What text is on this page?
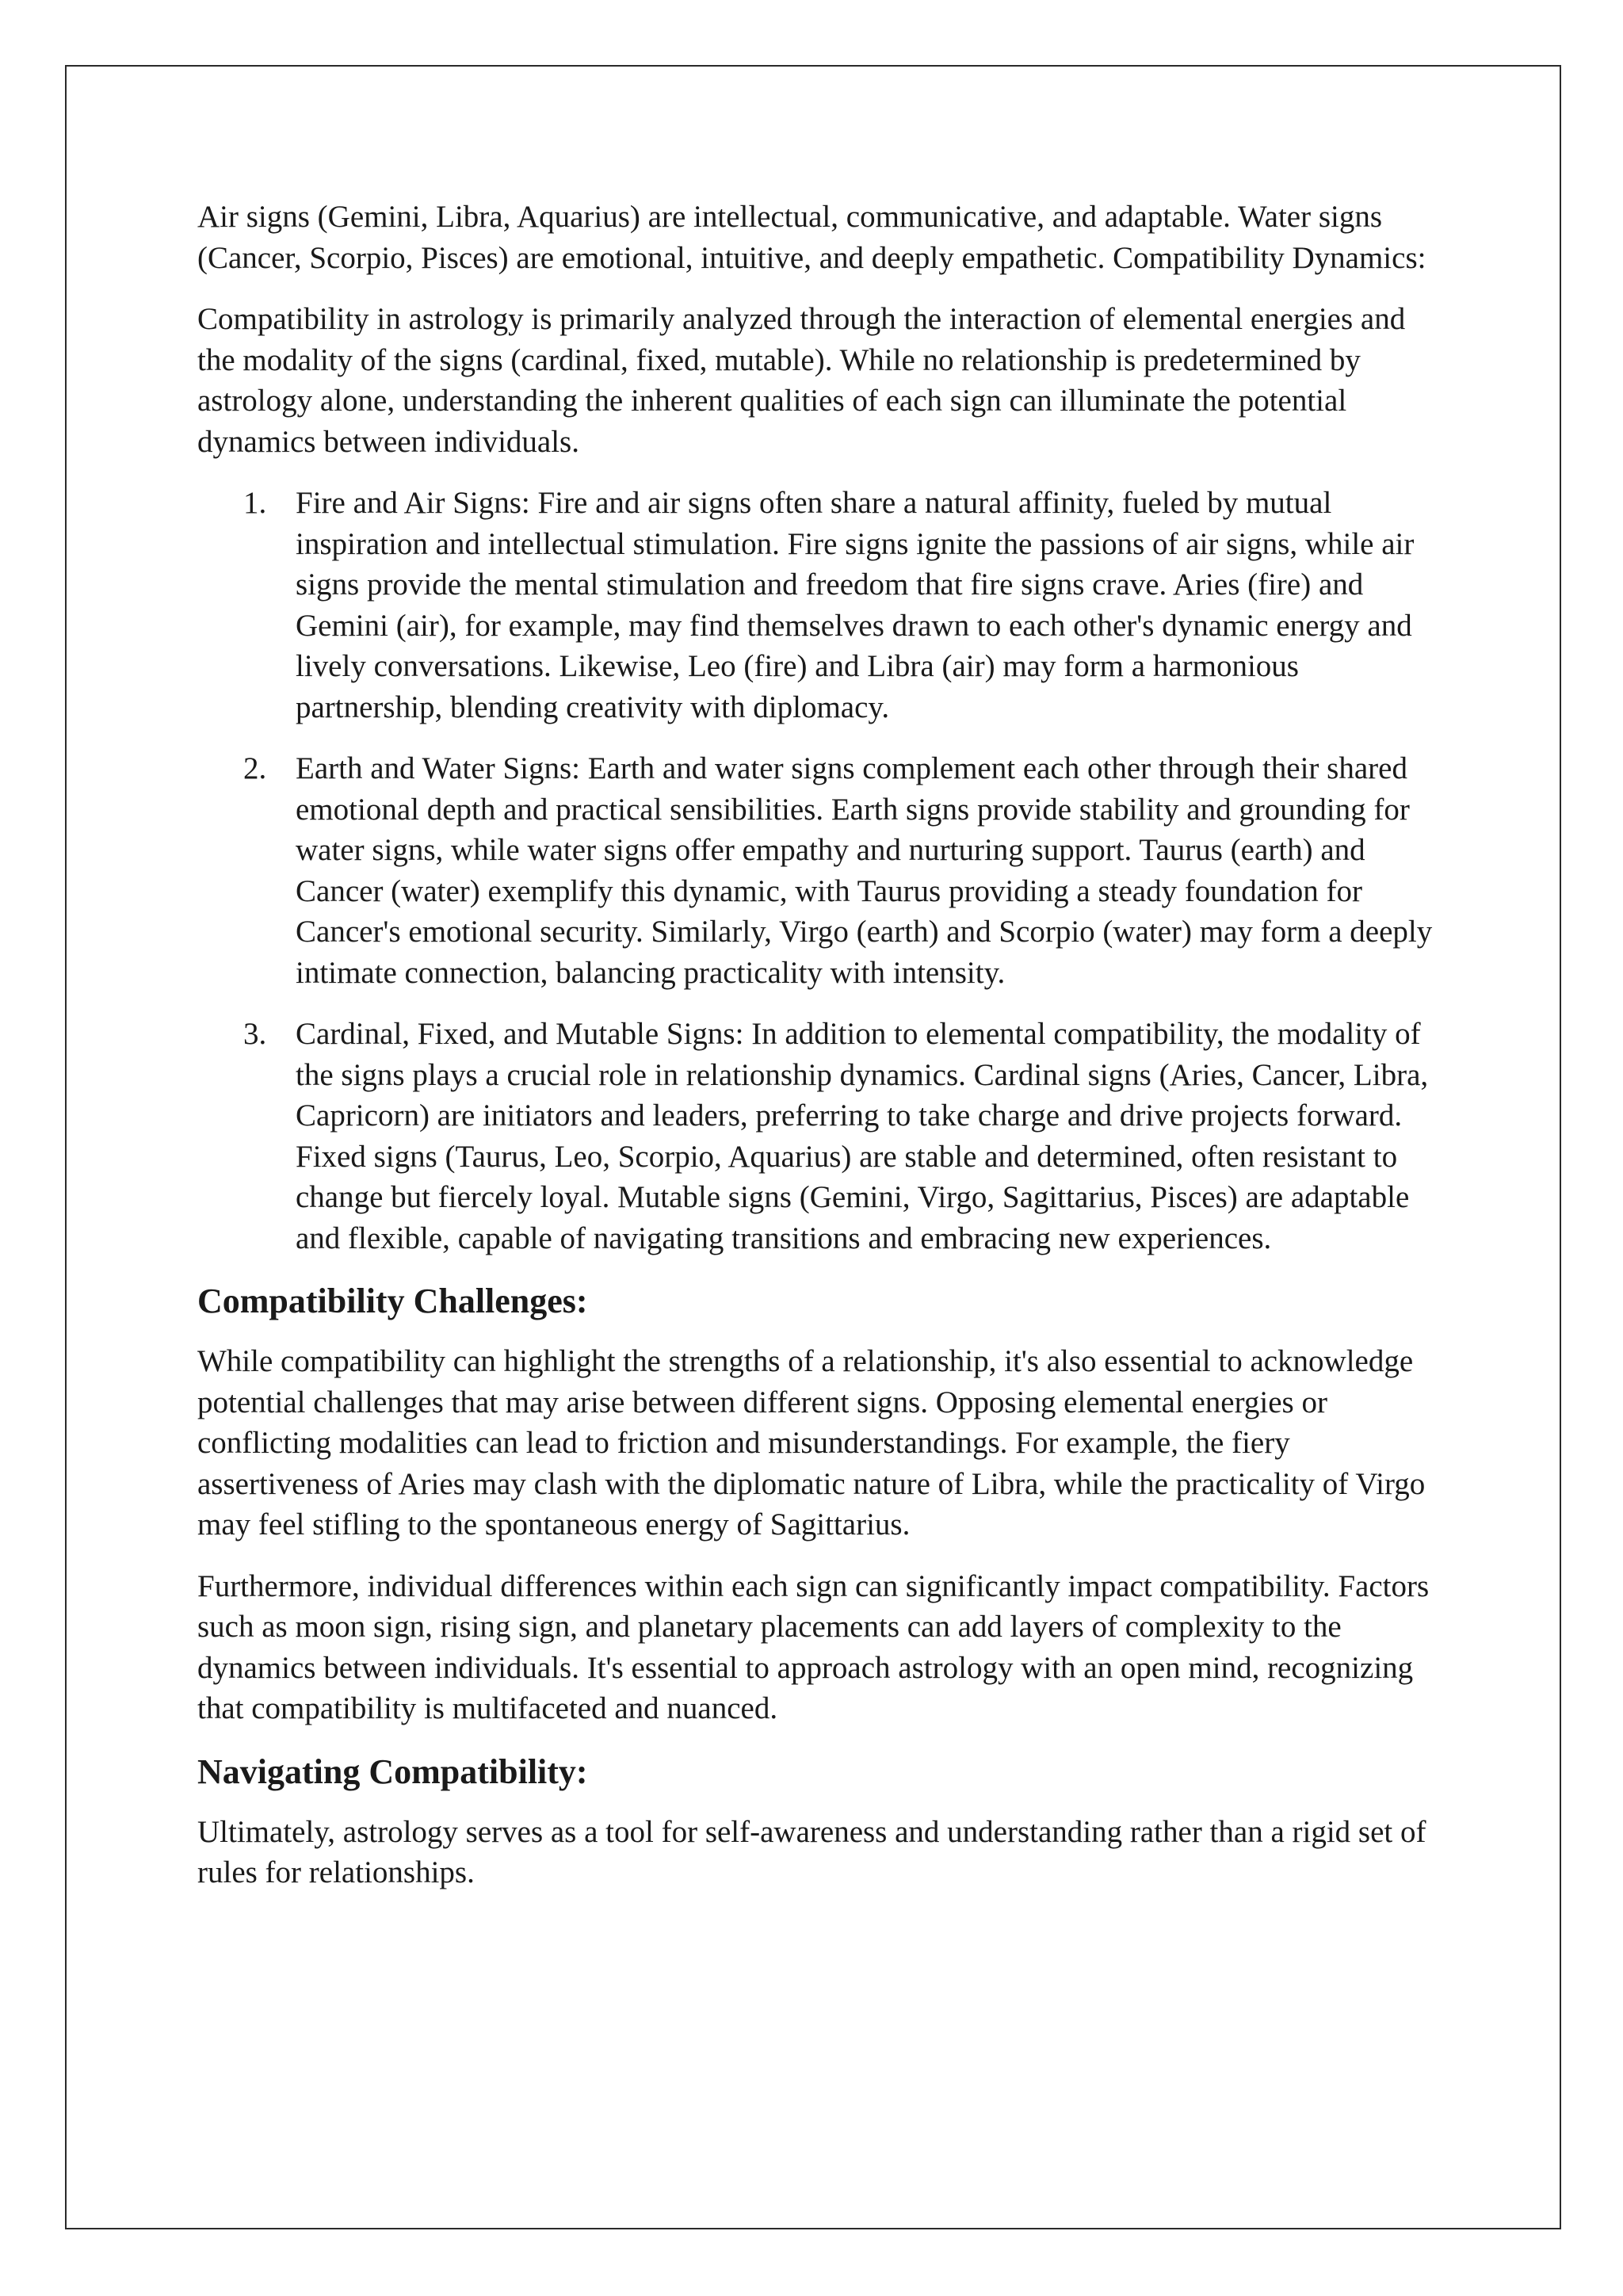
Air signs (Gemini, Libra, Aquarius) are intellectual, communicative, and adaptable. Water signs (Cancer, Scorpio, Pisces) are emotional, intuitive, and deeply empathetic. Compatibility Dynamics:

Compatibility in astrology is primarily analyzed through the interaction of elemental energies and the modality of the signs (cardinal, fixed, mutable). While no relationship is predetermined by astrology alone, understanding the inherent qualities of each sign can illuminate the potential dynamics between individuals.

1. Fire and Air Signs: Fire and air signs often share a natural affinity, fueled by mutual inspiration and intellectual stimulation. Fire signs ignite the passions of air signs, while air signs provide the mental stimulation and freedom that fire signs crave. Aries (fire) and Gemini (air), for example, may find themselves drawn to each other's dynamic energy and lively conversations. Likewise, Leo (fire) and Libra (air) may form a harmonious partnership, blending creativity with diplomacy.
2. Earth and Water Signs: Earth and water signs complement each other through their shared emotional depth and practical sensibilities. Earth signs provide stability and grounding for water signs, while water signs offer empathy and nurturing support. Taurus (earth) and Cancer (water) exemplify this dynamic, with Taurus providing a steady foundation for Cancer's emotional security. Similarly, Virgo (earth) and Scorpio (water) may form a deeply intimate connection, balancing practicality with intensity.
3. Cardinal, Fixed, and Mutable Signs: In addition to elemental compatibility, the modality of the signs plays a crucial role in relationship dynamics. Cardinal signs (Aries, Cancer, Libra, Capricorn) are initiators and leaders, preferring to take charge and drive projects forward. Fixed signs (Taurus, Leo, Scorpio, Aquarius) are stable and determined, often resistant to change but fiercely loyal. Mutable signs (Gemini, Virgo, Sagittarius, Pisces) are adaptable and flexible, capable of navigating transitions and embracing new experiences.
Compatibility Challenges:

While compatibility can highlight the strengths of a relationship, it's also essential to acknowledge potential challenges that may arise between different signs. Opposing elemental energies or conflicting modalities can lead to friction and misunderstandings. For example, the fiery assertiveness of Aries may clash with the diplomatic nature of Libra, while the practicality of Virgo may feel stifling to the spontaneous energy of Sagittarius.

Furthermore, individual differences within each sign can significantly impact compatibility. Factors such as moon sign, rising sign, and planetary placements can add layers of complexity to the dynamics between individuals. It's essential to approach astrology with an open mind, recognizing that compatibility is multifaceted and nuanced.

Navigating Compatibility:

Ultimately, astrology serves as a tool for self-awareness and understanding rather than a rigid set of rules for relationships.
